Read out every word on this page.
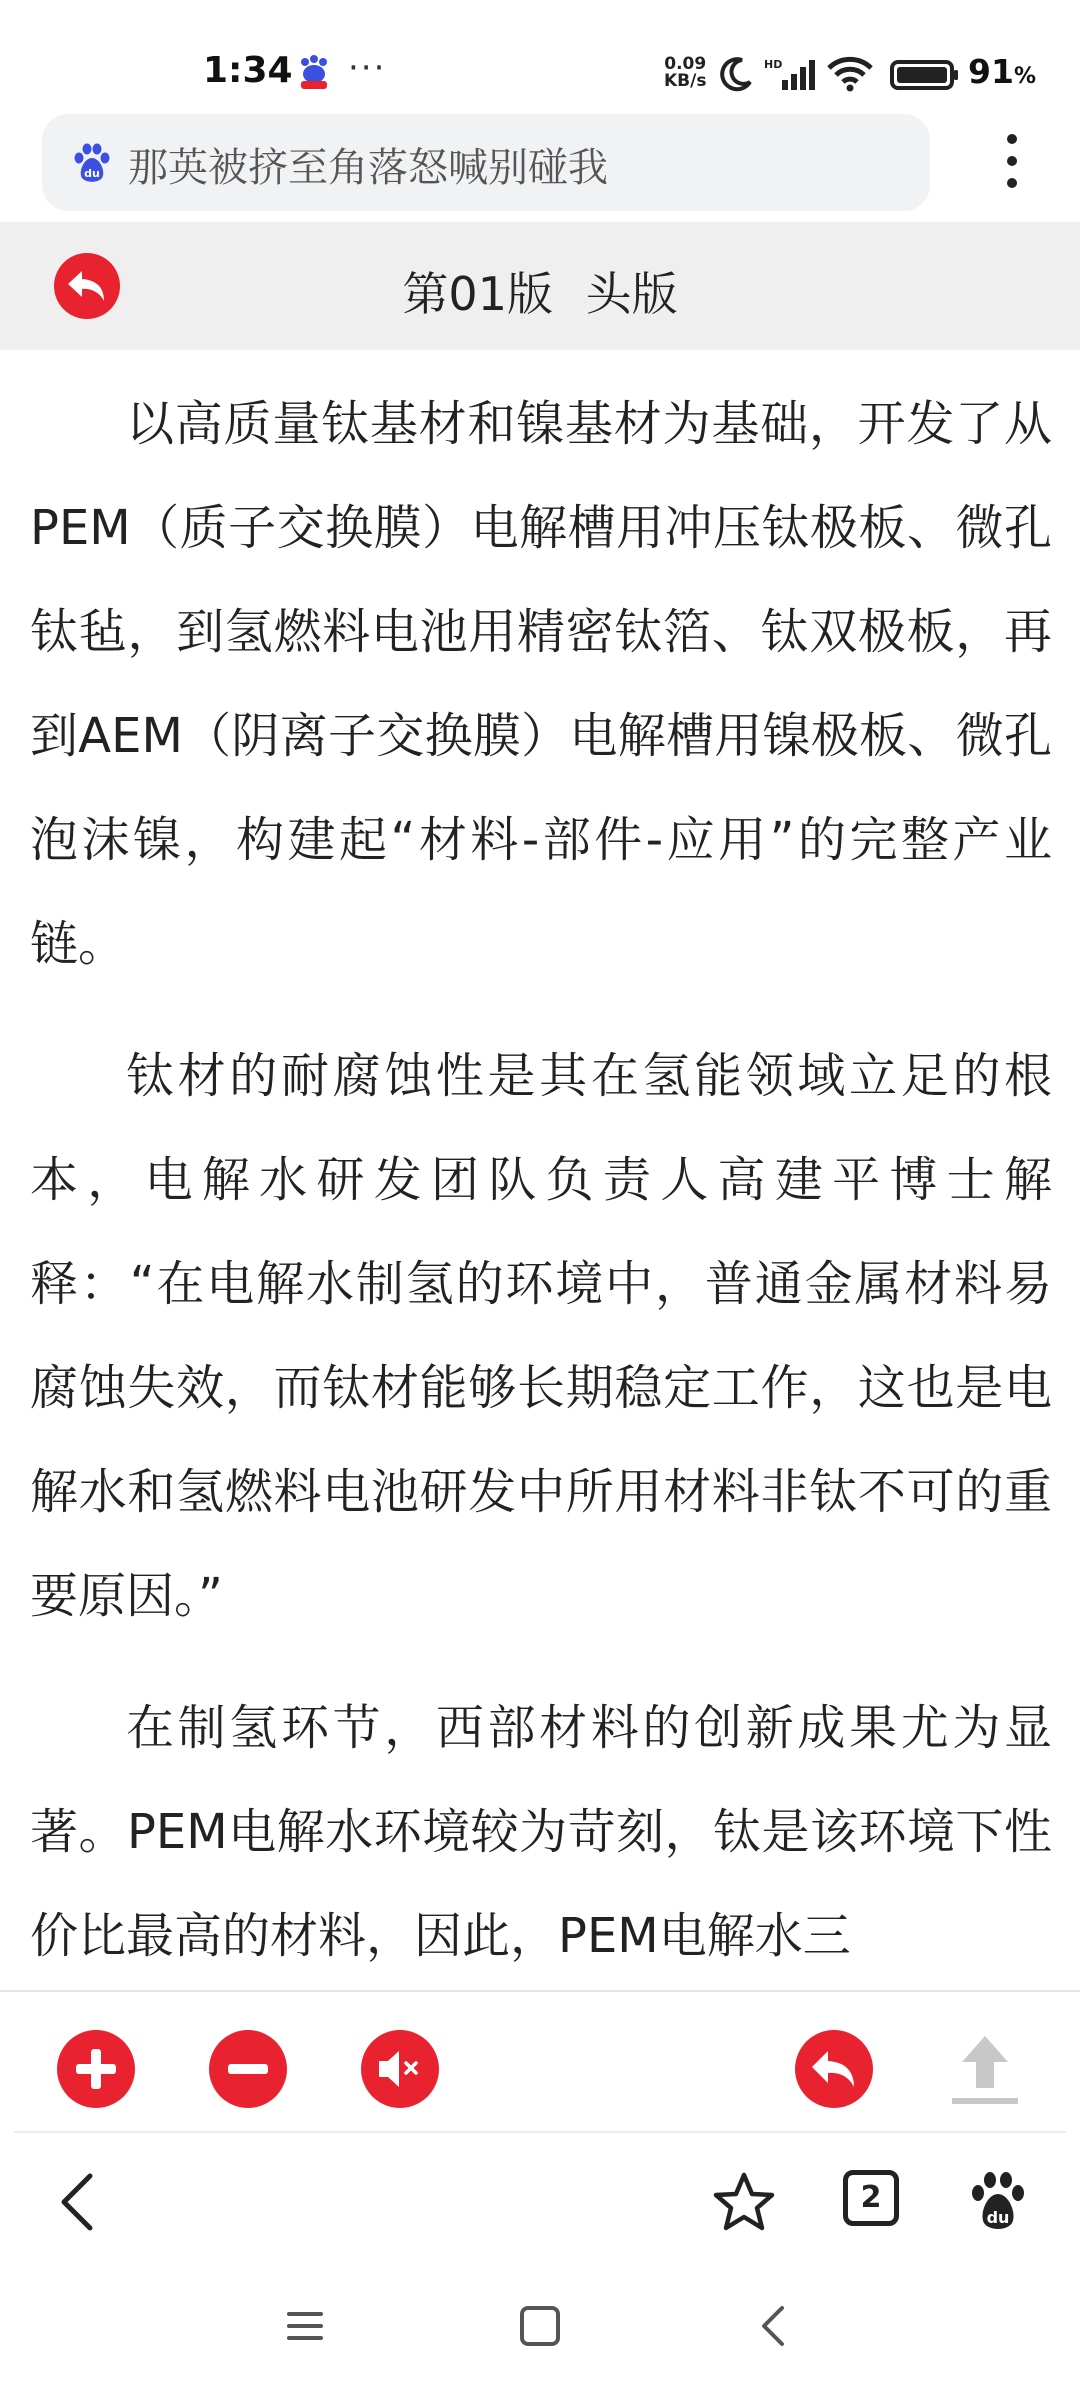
1:34 ···	0.09
KB/s
HD	91%
du 那英被挤至角落怒喊别碰我
第01版 头版

以高质量钛基材和镍基材为基础，开发了从PEM（质子交换膜）电解槽用冲压钛极板、微孔钛毡，到氢燃料电池用精密钛箔、钛双极板，再到AEM（阴离子交换膜）电解槽用镍极板、微孔泡沫镍，构建起“材料-部件-应用”的完整产业链。

钛材的耐腐蚀性是其在氢能领域立足的根本，电解水研发团队负责人高建平博士解释：“在电解水制氢的环境中，普通金属材料易腐蚀失效，而钛材能够长期稳定工作，这也是电解水和氢燃料电池研发中所用材料非钛不可的重要原因。”

在制氢环节，西部材料的创新成果尤为显著。PEM电解水环境较为苛刻，钛是该环境下性价比最高的材料，因此，PEM电解水三

2
du
